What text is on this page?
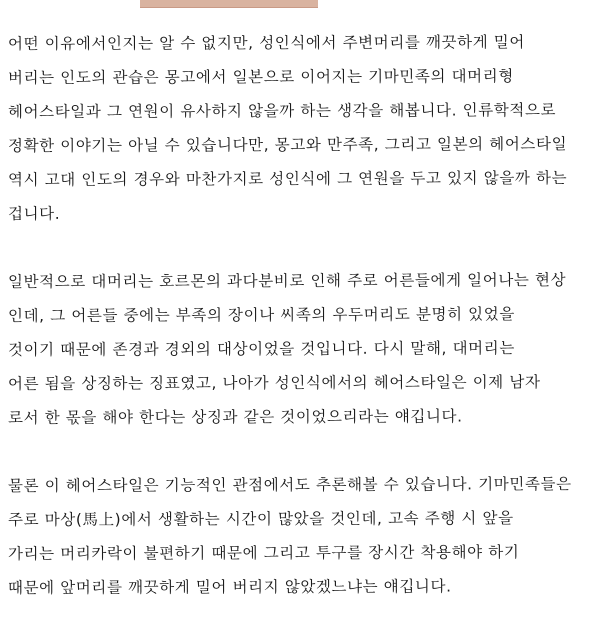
어떤 이유에서인지는 알 수 없지만, 성인식에서 주변머리를 깨끗하게 밀어
버리는 인도의 관습은 몽고에서 일본으로 이어지는 기마민족의 대머리형
헤어스타일과 그 연원이 유사하지 않을까 하는 생각을 해봅니다. 인류학적으로
정확한 이야기는 아닐 수 있습니다만, 몽고와 만주족, 그리고 일본의 헤어스타일
역시 고대 인도의 경우와 마찬가지로 성인식에 그 연원을 두고 있지 않을까 하는
겁니다.
일반적으로 대머리는 호르몬의 과다분비로 인해 주로 어른들에게 일어나는 현상
인데, 그 어른들 중에는 부족의 장이나 씨족의 우두머리도 분명히 있었을
것이기 때문에 존경과 경외의 대상이었을 것입니다. 다시 말해, 대머리는
어른 됨을 상징하는 징표였고, 나아가 성인식에서의 헤어스타일은 이제 남자
로서 한 몫을 해야 한다는 상징과 같은 것이었으리라는 얘깁니다.
물론 이 헤어스타일은 기능적인 관점에서도 추론해볼 수 있습니다. 기마민족들은
주로 마상(馬上)에서 생활하는 시간이 많았을 것인데, 고속 주행 시 앞을
가리는 머리카락이 불편하기 때문에 그리고 투구를 장시간 착용해야 하기
때문에 앞머리를 깨끗하게 밀어 버리지 않았겠느냐는 얘깁니다.
